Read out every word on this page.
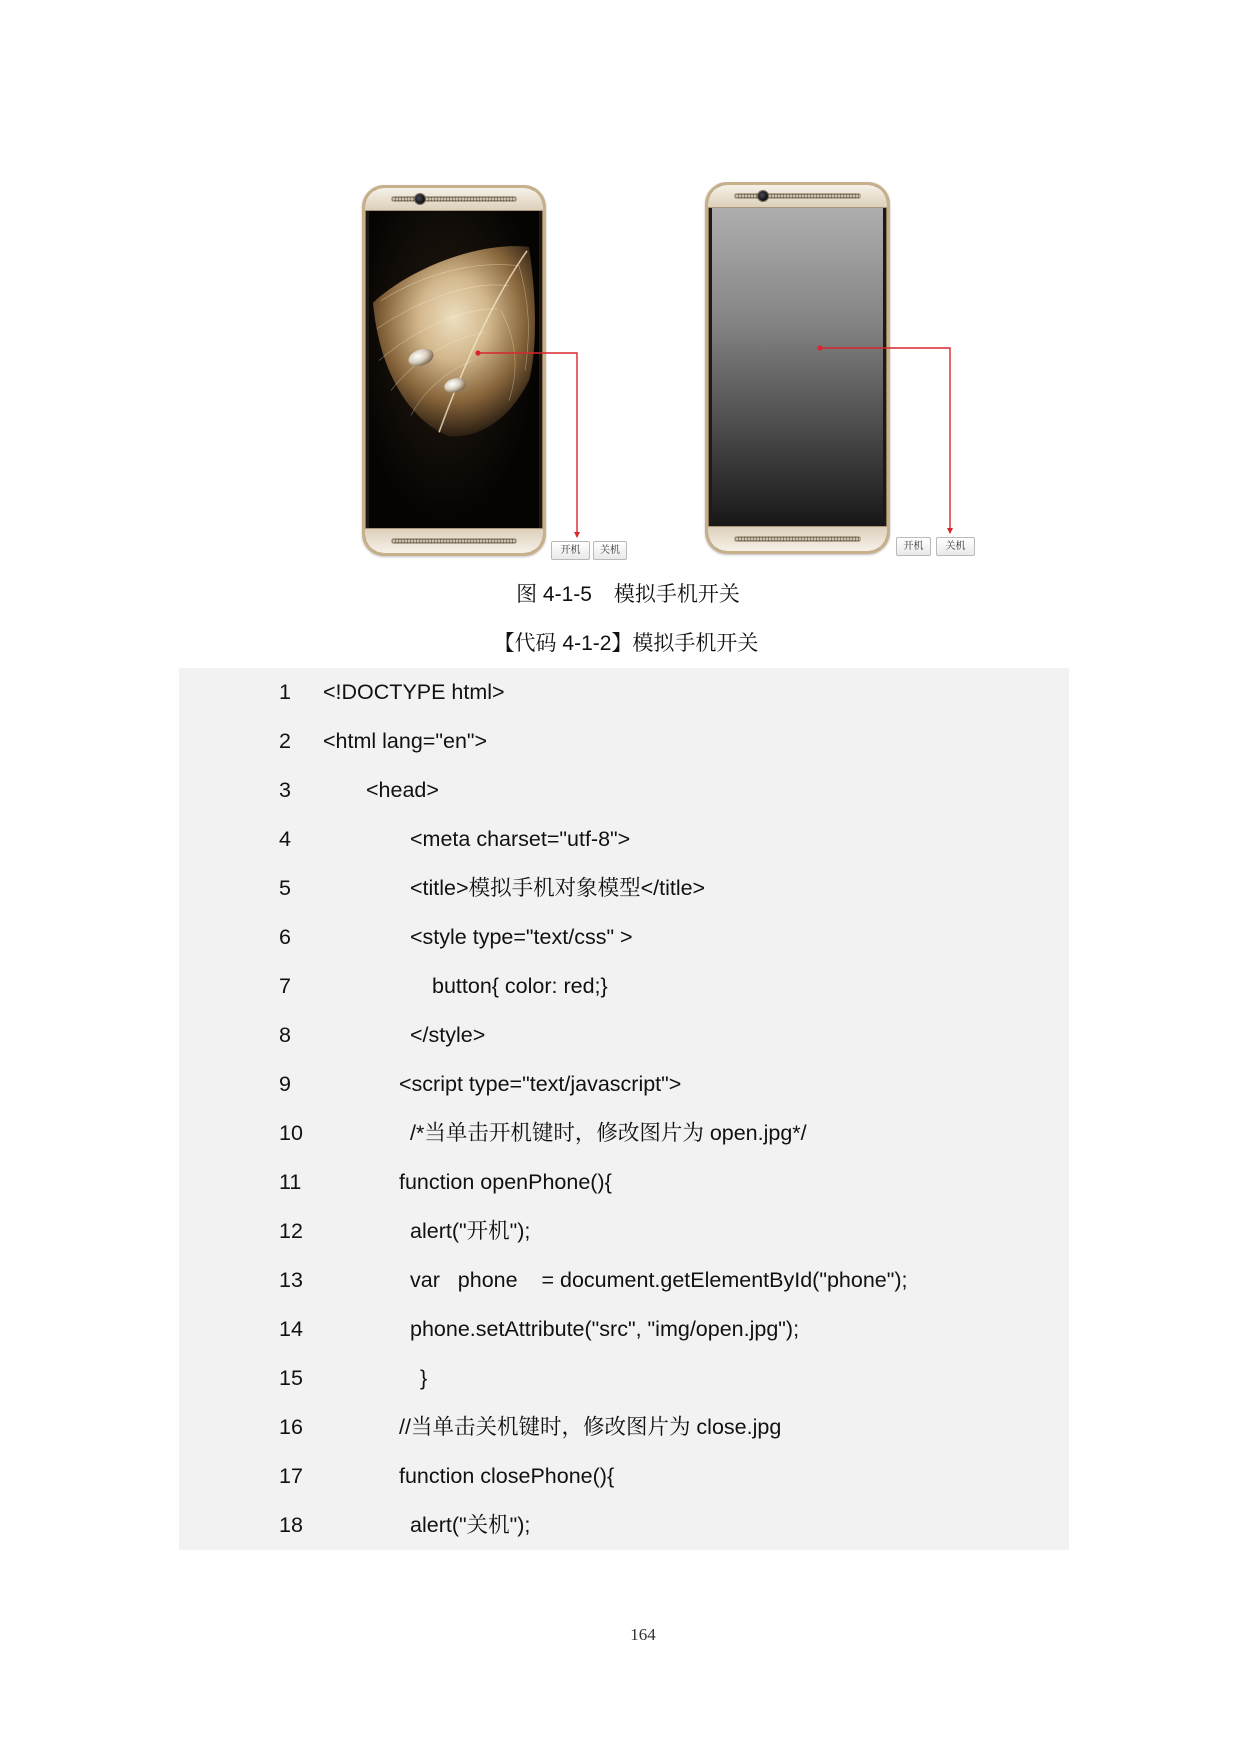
开机	关机	开机	关机
图 4-1-5 模拟手机开关
【代码 4-1-2】模拟手机开关
1 <!DOCTYPE html>
2 <html lang="en">
3	<head>
4	<meta charset="utf-8">
5	<title>模拟手机对象模型</title>
6	<style type="text/css" >
7	button{ color: red;}
8	</style>
9	<script type="text/javascript">
10	/*当单击开机键时，修改图片为 open.jpg*/
11	function openPhone(){
12	alert("开机");
13	var   phone    = document.getElementById("phone");
14	phone.setAttribute("src", "img/open.jpg");
15	}
16	//当单击关机键时，修改图片为 close.jpg
17	function closePhone(){
18	alert("关机");
164
